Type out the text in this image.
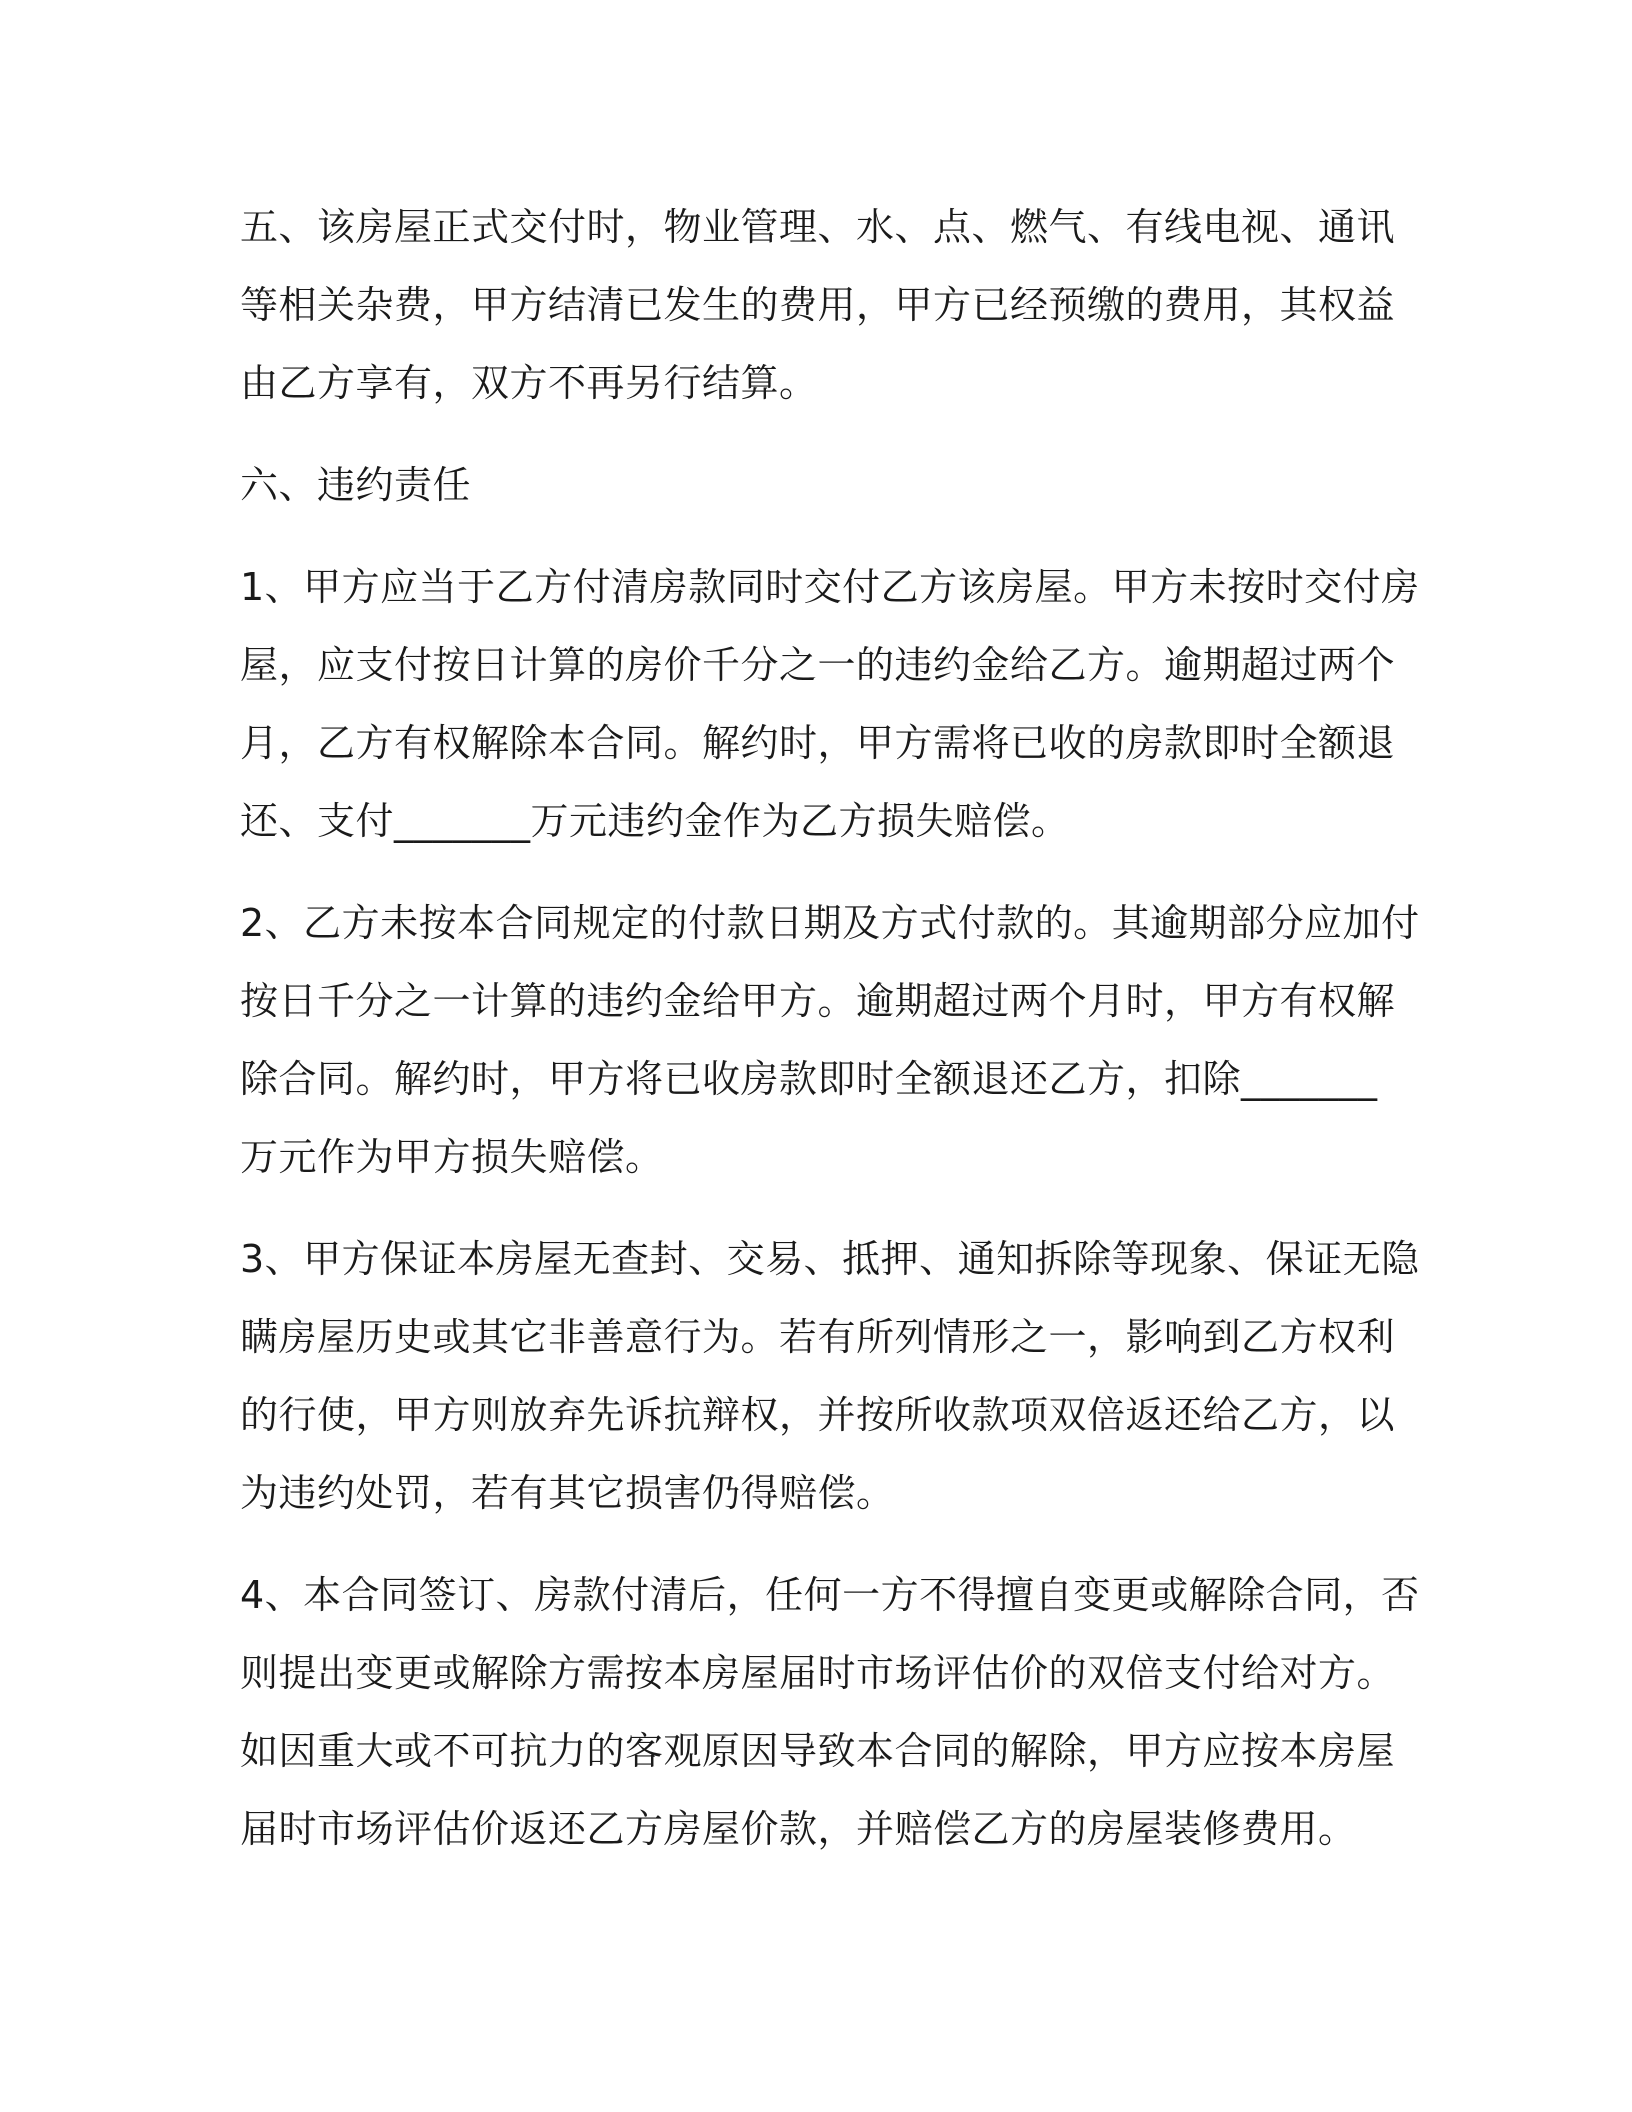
五、该房屋正式交付时，物业管理、水、点、燃气、有线电视、通讯
等相关杂费，甲方结清已发生的费用，甲方已经预缴的费用，其权益
由乙方享有，双方不再另行结算。

六、违约责任

1、甲方应当于乙方付清房款同时交付乙方该房屋。甲方未按时交付房
屋，应支付按日计算的房价千分之一的违约金给乙方。逾期超过两个
月，乙方有权解除本合同。解约时，甲方需将已收的房款即时全额退
还、支付_______万元违约金作为乙方损失赔偿。

2、乙方未按本合同规定的付款日期及方式付款的。其逾期部分应加付
按日千分之一计算的违约金给甲方。逾期超过两个月时，甲方有权解
除合同。解约时，甲方将已收房款即时全额退还乙方，扣除_______
万元作为甲方损失赔偿。

3、甲方保证本房屋无查封、交易、抵押、通知拆除等现象、保证无隐
瞒房屋历史或其它非善意行为。若有所列情形之一，影响到乙方权利
的行使，甲方则放弃先诉抗辩权，并按所收款项双倍返还给乙方，以
为违约处罚，若有其它损害仍得赔偿。

4、本合同签订、房款付清后，任何一方不得擅自变更或解除合同，否
则提出变更或解除方需按本房屋届时市场评估价的双倍支付给对方。
如因重大或不可抗力的客观原因导致本合同的解除，甲方应按本房屋
届时市场评估价返还乙方房屋价款，并赔偿乙方的房屋装修费用。
